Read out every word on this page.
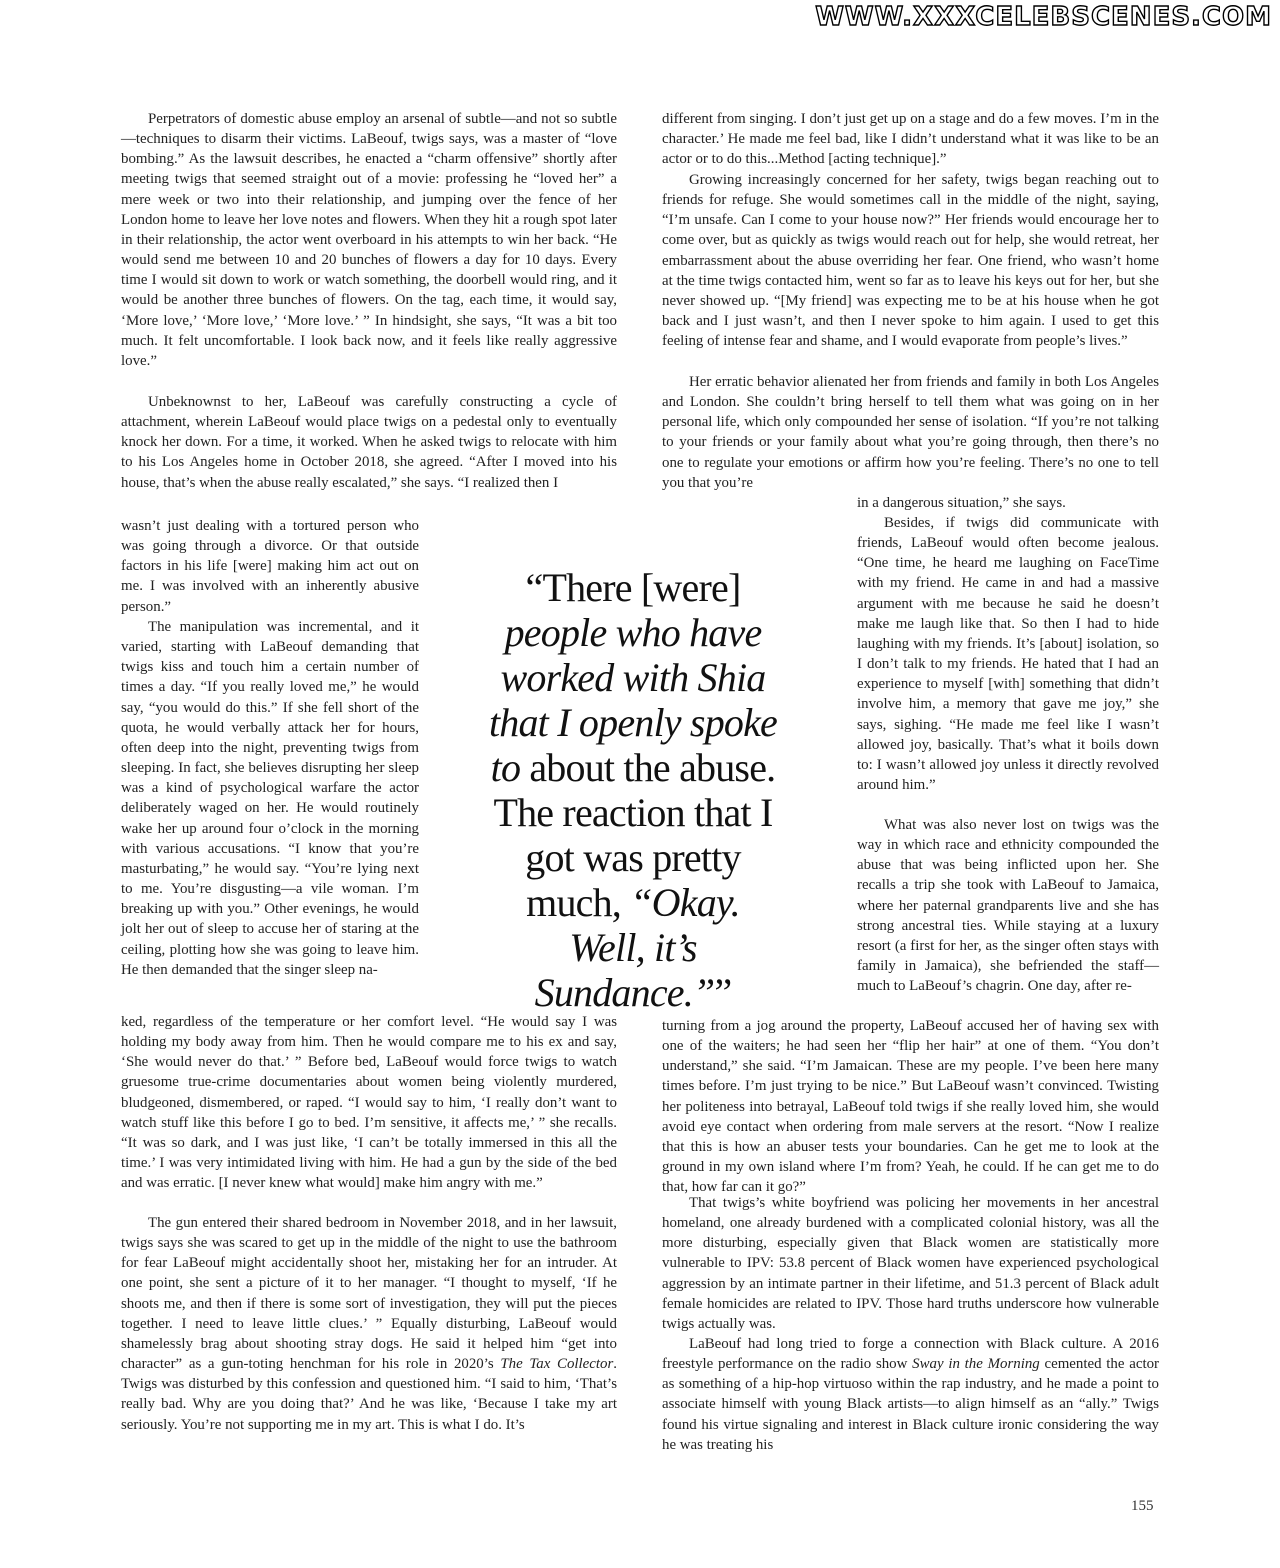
WWW.XXXCELEBSCENES.COM

Perpetrators of domestic abuse employ an arsenal of subtle—and not so subtle—techniques to disarm their victims. LaBeouf, twigs says, was a master of “love bombing.” As the lawsuit describes, he enacted a “charm offensive” shortly after meeting twigs that seemed straight out of a movie: professing he “loved her” a mere week or two into their relationship, and jumping over the fence of her London home to leave her love notes and flowers. When they hit a rough spot later in their relationship, the actor went overboard in his attempts to win her back. “He would send me between 10 and 20 bunches of flowers a day for 10 days. Every time I would sit down to work or watch something, the doorbell would ring, and it would be another three bunches of flowers. On the tag, each time, it would say, ‘More love,’ ‘More love,’ ‘More love.’ ” In hindsight, she says, “It was a bit too much. It felt uncomfortable. I look back now, and it feels like really aggressive love.”

Unbeknownst to her, LaBeouf was carefully constructing a cycle of attachment, wherein LaBeouf would place twigs on a pedestal only to eventually knock her down. For a time, it worked. When he asked twigs to relocate with him to his Los Angeles home in October 2018, she agreed. “After I moved into his house, that’s when the abuse really escalated,” she says. “I realized then I

wasn’t just dealing with a tortured person who was going through a divorce. Or that outside factors in his life [were] making him act out on me. I was involved with an inherently abusive person.”

The manipulation was incremental, and it varied, starting with LaBeouf demanding that twigs kiss and touch him a certain number of times a day. “If you really loved me,” he would say, “you would do this.” If she fell short of the quota, he would verbally attack her for hours, often deep into the night, preventing twigs from sleeping. In fact, she believes disrupting her sleep was a kind of psychological warfare the actor deliberately waged on her. He would routinely wake her up around four o’clock in the morning with various accusations. “I know that you’re masturbating,” he would say. “You’re lying next to me. You’re disgusting—a vile woman. I’m breaking up with you.” Other evenings, he would jolt her out of sleep to accuse her of staring at the ceiling, plotting how she was going to leave him. He then demanded that the singer sleep na-

ked, regardless of the temperature or her comfort level. “He would say I was holding my body away from him. Then he would compare me to his ex and say, ‘She would never do that.’ ” Before bed, LaBeouf would force twigs to watch gruesome true-crime documentaries about women being violently murdered, bludgeoned, dismembered, or raped. “I would say to him, ‘I really don’t want to watch stuff like this before I go to bed. I’m sensitive, it affects me,’ ” she recalls. “It was so dark, and I was just like, ‘I can’t be totally immersed in this all the time.’ I was very intimidated living with him. He had a gun by the side of the bed and was erratic. [I never knew what would] make him angry with me.”

The gun entered their shared bedroom in November 2018, and in her lawsuit, twigs says she was scared to get up in the middle of the night to use the bathroom for fear LaBeouf might accidentally shoot her, mistaking her for an intruder. At one point, she sent a picture of it to her manager. “I thought to myself, ‘If he shoots me, and then if there is some sort of investigation, they will put the pieces together. I need to leave little clues.’ ” Equally disturbing, LaBeouf would shamelessly brag about shooting stray dogs. He said it helped him “get into character” as a gun-toting henchman for his role in 2020’s The Tax Collector. Twigs was disturbed by this confession and questioned him. “I said to him, ‘That’s really bad. Why are you doing that?’ And he was like, ‘Because I take my art seriously. You’re not supporting me in my art. This is what I do. It’s

“There [were] people who have worked with Shia that I openly spoke to about the abuse. The reaction that I got was pretty much, “Okay. Well, it’s Sundance.””

different from singing. I don’t just get up on a stage and do a few moves. I’m in the character.’ He made me feel bad, like I didn’t understand what it was like to be an actor or to do this...Method [acting technique].”

Growing increasingly concerned for her safety, twigs began reaching out to friends for refuge. She would sometimes call in the middle of the night, saying, “I’m unsafe. Can I come to your house now?” Her friends would encourage her to come over, but as quickly as twigs would reach out for help, she would retreat, her embarrassment about the abuse overriding her fear. One friend, who wasn’t home at the time twigs contacted him, went so far as to leave his keys out for her, but she never showed up. “[My friend] was expecting me to be at his house when he got back and I just wasn’t, and then I never spoke to him again. I used to get this feeling of intense fear and shame, and I would evaporate from people’s lives.”

Her erratic behavior alienated her from friends and family in both Los Angeles and London. She couldn’t bring herself to tell them what was going on in her personal life, which only compounded her sense of isolation. “If you’re not talking to your friends or your family about what you’re going through, then there’s no one to regulate your emotions or affirm how you’re feeling. There’s no one to tell you that you’re

in a dangerous situation,” she says.

Besides, if twigs did communicate with friends, LaBeouf would often become jealous. “One time, he heard me laughing on FaceTime with my friend. He came in and had a massive argument with me because he said he doesn’t make me laugh like that. So then I had to hide laughing with my friends. It’s [about] isolation, so I don’t talk to my friends. He hated that I had an experience to myself [with] something that didn’t involve him, a memory that gave me joy,” she says, sighing. “He made me feel like I wasn’t allowed joy, basically. That’s what it boils down to: I wasn’t allowed joy unless it directly revolved around him.”

What was also never lost on twigs was the way in which race and ethnicity compounded the abuse that was being inflicted upon her. She recalls a trip she took with LaBeouf to Jamaica, where her paternal grandparents live and she has strong ancestral ties. While staying at a luxury resort (a first for her, as the singer often stays with family in Jamaica), she befriended the staff—much to LaBeouf’s chagrin. One day, after re-

turning from a jog around the property, LaBeouf accused her of having sex with one of the waiters; he had seen her “flip her hair” at one of them. “You don’t understand,” she said. “I’m Jamaican. These are my people. I’ve been here many times before. I’m just trying to be nice.” But LaBeouf wasn’t convinced. Twisting her politeness into betrayal, LaBeouf told twigs if she really loved him, she would avoid eye contact when ordering from male servers at the resort. “Now I realize that this is how an abuser tests your boundaries. Can he get me to look at the ground in my own island where I’m from? Yeah, he could. If he can get me to do that, how far can it go?”

That twigs’s white boyfriend was policing her movements in her ancestral homeland, one already burdened with a complicated colonial history, was all the more disturbing, especially given that Black women are statistically more vulnerable to IPV: 53.8 percent of Black women have experienced psychological aggression by an intimate partner in their lifetime, and 51.3 percent of Black adult female homicides are related to IPV. Those hard truths underscore how vulnerable twigs actually was.

LaBeouf had long tried to forge a connection with Black culture. A 2016 freestyle performance on the radio show Sway in the Morning cemented the actor as something of a hip-hop virtuoso within the rap industry, and he made a point to associate himself with young Black artists—to align himself as an “ally.” Twigs found his virtue signaling and interest in Black culture ironic considering the way he was treating his

155
